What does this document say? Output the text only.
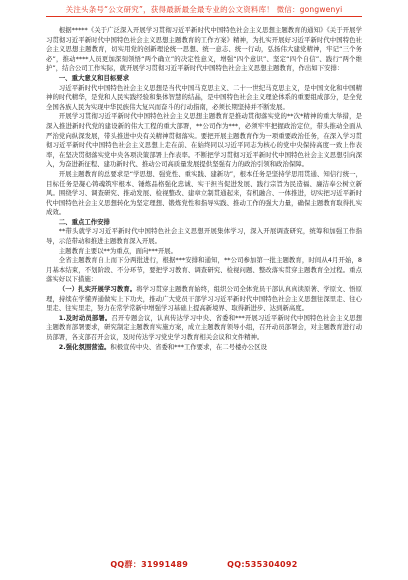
关注头条号“公文研究”，获得最新最全最专业的公文资料库！ 微信：gongwenyi

根据*****《关于广泛深入开展学习贯彻习近平新时代中国特色社会主义思想主题教育的通知》《关于开展学习贯彻习近平新时代中国特色社会主义思想主题教育的工作方案》精神，为扎实开展好习近平新时代中国特色社会主义思想主题教育，切实用党的创新理论统一思想、统一意志、统一行动，弘扬伟大建党精神，牢记“三个务必”，推动****人员更加深刻领悟“两个确立”的决定性意义，增强“四个意识”、坚定“四个自信”、践行“两个维护”，结合公司工作实际，就开展学习贯彻习近平新时代中国特色社会主义思想主题教育，作出如下安排：

一、重大意义和目标要求

习近平新时代中国特色社会主义思想是当代中国马克思主义、二十一世纪马克思主义，是中国文化和中国精神的时代精华，是党和人民实践经验和集体智慧的结晶，是中国特色社会主义理论体系的重要组成部分，是全党全国各族人民为实现中华民族伟大复兴而奋斗的行动指南，必须长期坚持并不断发展。

开展学习贯彻习近平新时代中国特色社会主义思想主题教育是推动贯彻落实党的**次*精神的重大举措，是深入推进新时代党的建设新的伟大工程的重大部署，**公司作为***，必须牢牢把握政治定位，带头推动全面从严治党向纵深发展，带头推进中央有关精神贯彻落实。要把开展主题教育作为一项重要政治任务，在深入学习贯彻习近平新时代中国特色社会主义思想上走在前、在始终同以习近平同志为核心的党中央保持高度一致上作表率，在坚决贯彻落实党中央各项决策部署上作表率。不断把学习贯彻习近平新时代中国特色社会主义思想引向深入，为奋进新征程、建功新时代、推动公司高质量发展提供坚强有力的政治引领和政治保障。

开展主题教育的总要求是“学思想、强党性、重实践、建新功”，根本任务是坚持学思用贯通、知信行统一，目标任务是凝心铸魂筑牢根本、锤炼品格强化忠诚、实干担当促进发展、践行宗旨为民造福、廉洁奉公树立新风。围绕学习、调查研究、推动发展、检视整改、建章立制贯通起来，有机融合、一体推进，切实把习近平新时代中国特色社会主义思想转化为坚定理想、锻炼党性和指导实践、推动工作的强大力量，确保主题教育取得扎实成效。

二、重点工作安排

**带头就学习习近平新时代中国特色社会主义思想开展集体学习，深入开展调查研究，统筹和加强工作指导，示范带动和推进主题教育深入开展。

主题教育主要以**为重点，面向***开展。

全省主题教育自上而下分两批进行，根据***安排和通知，**公司参加第一批主题教育，时间从4月开始，8月基本结束，不划阶段、不分环节，要把学习教育、调查研究、检视问题、整改落实贯穿主题教育全过程。重点落实好以下措施：

（一）扎实开展学习教育。将学习贯穿主题教育始终，组织公司全体党员干部认真真读原著、学原文、悟原理，持续在学懂弄通做实上下功夫，推动广大党员干部学习习近平新时代中国特色社会主义思想往深里走、往心里走、往实里走，努力在常学常新中增强学习基础上提高新境界、取得新进步、达到新高度。

1.及时动员部署。召开专题会议，认真传达学习中央、省委和***开展习近平新时代中国特色社会主义思想主题教育部署要求，研究制定主题教育实施方案，成立主题教育领导小组，召开动员部署会，对主题教育进行动员部署，各支部召开会议，及时传达学习党史学习教育相关会议和文件精神。

2.强化氛围营造。积极宣传中央、省委和***工作要求，在二号楼办公区设

QQ群：31991489	QQ:535304092
